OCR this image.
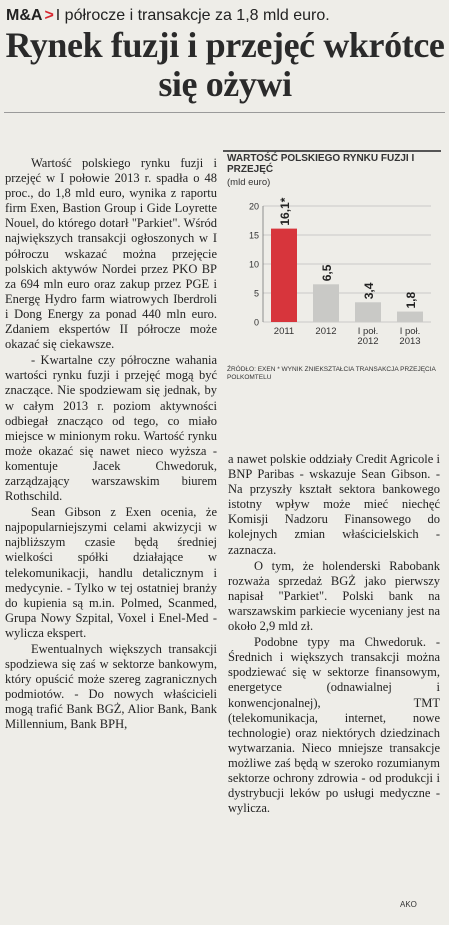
M&A > I półrocze i transakcje za 1,8 mld euro.
Rynek fuzji i przejęć wkrótce się ożywi

Wartość polskiego rynku fuzji i przejęć w I połowie 2013 r. spadła o 48 proc., do 1,8 mld euro, wynika z raportu firm Exen, Bastion Group i Gide Loyrette Nouel, do którego dotarł "Parkiet". Wśród największych transakcji ogłoszonych w I półroczu wskazać można przejęcie polskich aktywów Nordei przez PKO BP za 694 mln euro oraz zakup przez PGE i Energę Hydro farm wiatrowych Iberdroli i Dong Energy za ponad 440 mln euro. Zdaniem ekspertów II półrocze może okazać się ciekawsze.

- Kwartalne czy półroczne wahania wartości rynku fuzji i przejęć mogą być znaczące. Nie spodziewam się jednak, by w całym 2013 r. poziom aktywności odbiegał znacząco od tego, co miało miejsce w minionym roku. Wartość rynku może okazać się nawet nieco wyższa - komentuje Jacek Chwedoruk, zarządzający warszawskim biurem Rothschild.

Sean Gibson z Exen ocenia, że najpopularniejszymi celami akwizycji w najbliższym czasie będą średniej wielkości spółki działające w telekomunikacji, handlu detalicznym i medycynie. - Tylko w tej ostatniej branży do kupienia są m.in. Polmed, Scanmed, Grupa Nowy Szpital, Voxel i Enel-Med - wylicza ekspert.

Ewentualnych większych transakcji spodziewa się zaś w sektorze bankowym, który opuścić może szereg zagranicznych podmiotów. - Do nowych właścicieli mogą trafić Bank BGŻ, Alior Bank, Bank Millennium, Bank BPH,

WARTOŚĆ POLSKIEGO RYNKU FUZJI I PRZEJĘĆ
(mld euro)
0
5
10
15
20 16,1*
2011
6,5
2012
3,4
I poł.
2012
1,8
I poł.
2013
ŹRÓDŁO: EXEN * WYNIK ZNIEKSZTAŁCIA TRANSAKCJA PRZEJĘCIA POLKOMTELU

a nawet polskie oddziały Credit Agricole i BNP Paribas - wskazuje Sean Gibson. - Na przyszły kształt sektora bankowego istotny wpływ może mieć niechęć Komisji Nadzoru Finansowego do kolejnych zmian właścicielskich - zaznacza.

O tym, że holenderski Rabobank rozważa sprzedaż BGŻ jako pierwszy napisał "Parkiet". Polski bank na warszawskim parkiecie wyceniany jest na około 2,9 mld zł.

Podobne typy ma Chwedoruk. - Średnich i większych transakcji można spodziewać się w sektorze finansowym, energetyce (odnawialnej i konwencjonalnej), TMT (telekomunikacja, internet, nowe technologie) oraz niektórych dziedzinach wytwarzania. Nieco mniejsze transakcje możliwe zaś będą w szeroko rozumianym sektorze ochrony zdrowia - od produkcji i dystrybucji leków po usługi medyczne - wylicza.

AKO
